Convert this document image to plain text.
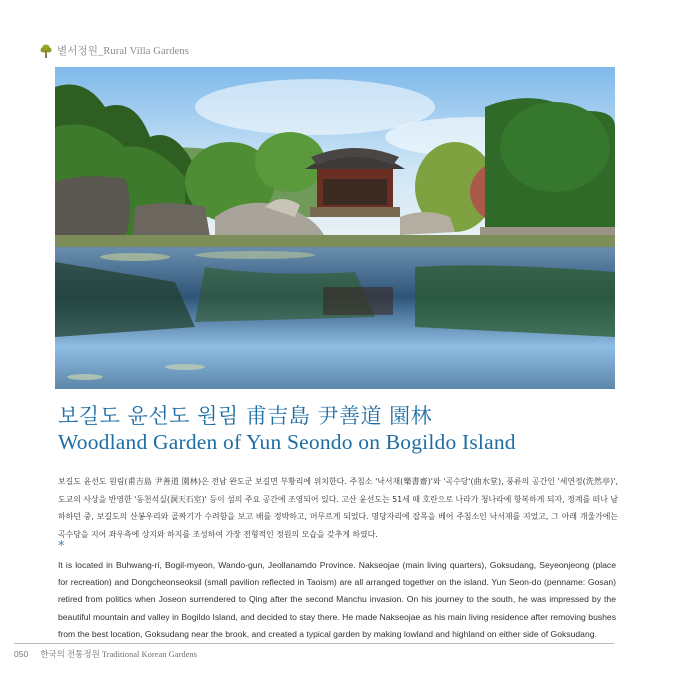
별서정원_Rural Villa Gardens
보길도 윤선도 원림 甫吉島 尹善道 園林
Woodland Garden of Yun Seondo on Bogildo Island
보길도 윤선도 원림(甫吉島 尹善道 園林)은 전남 완도군 보길면 부황리에 위치한다. 주침소 '낙서재(樂書齋)'와 '곡수당'(曲水堂), 풍류의 공간인 '세연정(洗然亭)', 도교의 사상을 반영한 '동천석실(洞天石室)' 등이 섬의 주요 공간에 조영되어 있다. 고산 윤선도는 51세 때 호란으로 나라가 청나라에 항복하게 되자, 정계를 떠나 남하하던 중, 보길도의 산봉우리와 골짜기가 수려함을 보고 배를 정박하고, 머무르게 되었다. 명당자리에 잡목을 베어 주침소인 낙서재를 지었고, 그 아래 개울가에는 곡수당을 지어 좌우측에 상지와 하지를 조성하여 가장 전형적인 정원의 모습을 갖추게 하였다.
*
It is located in Buhwang-ri, Bogil-myeon, Wando-gun, Jeollanamdo Province. Nakseojae (main living quarters), Goksudang, Seyeonjeong (place for recreation) and Dongcheonseoksil (small pavilion reflected in Taoism) are all arranged together on the island. Yun Seon-do (penname: Gosan) retired from politics when Joseon surrendered to Qing after the second Manchu invasion. On his journey to the south, he was impressed by the beautiful mountain and valley in Bogildo Island, and decided to stay there. He made Nakseojae as his main living residence after removing bushes from the best location, Goksudang near the brook, and created a typical garden by making lowland and highland on either side of Goksudang.
050 한국의 전통정원 Traditional Korean Gardens
